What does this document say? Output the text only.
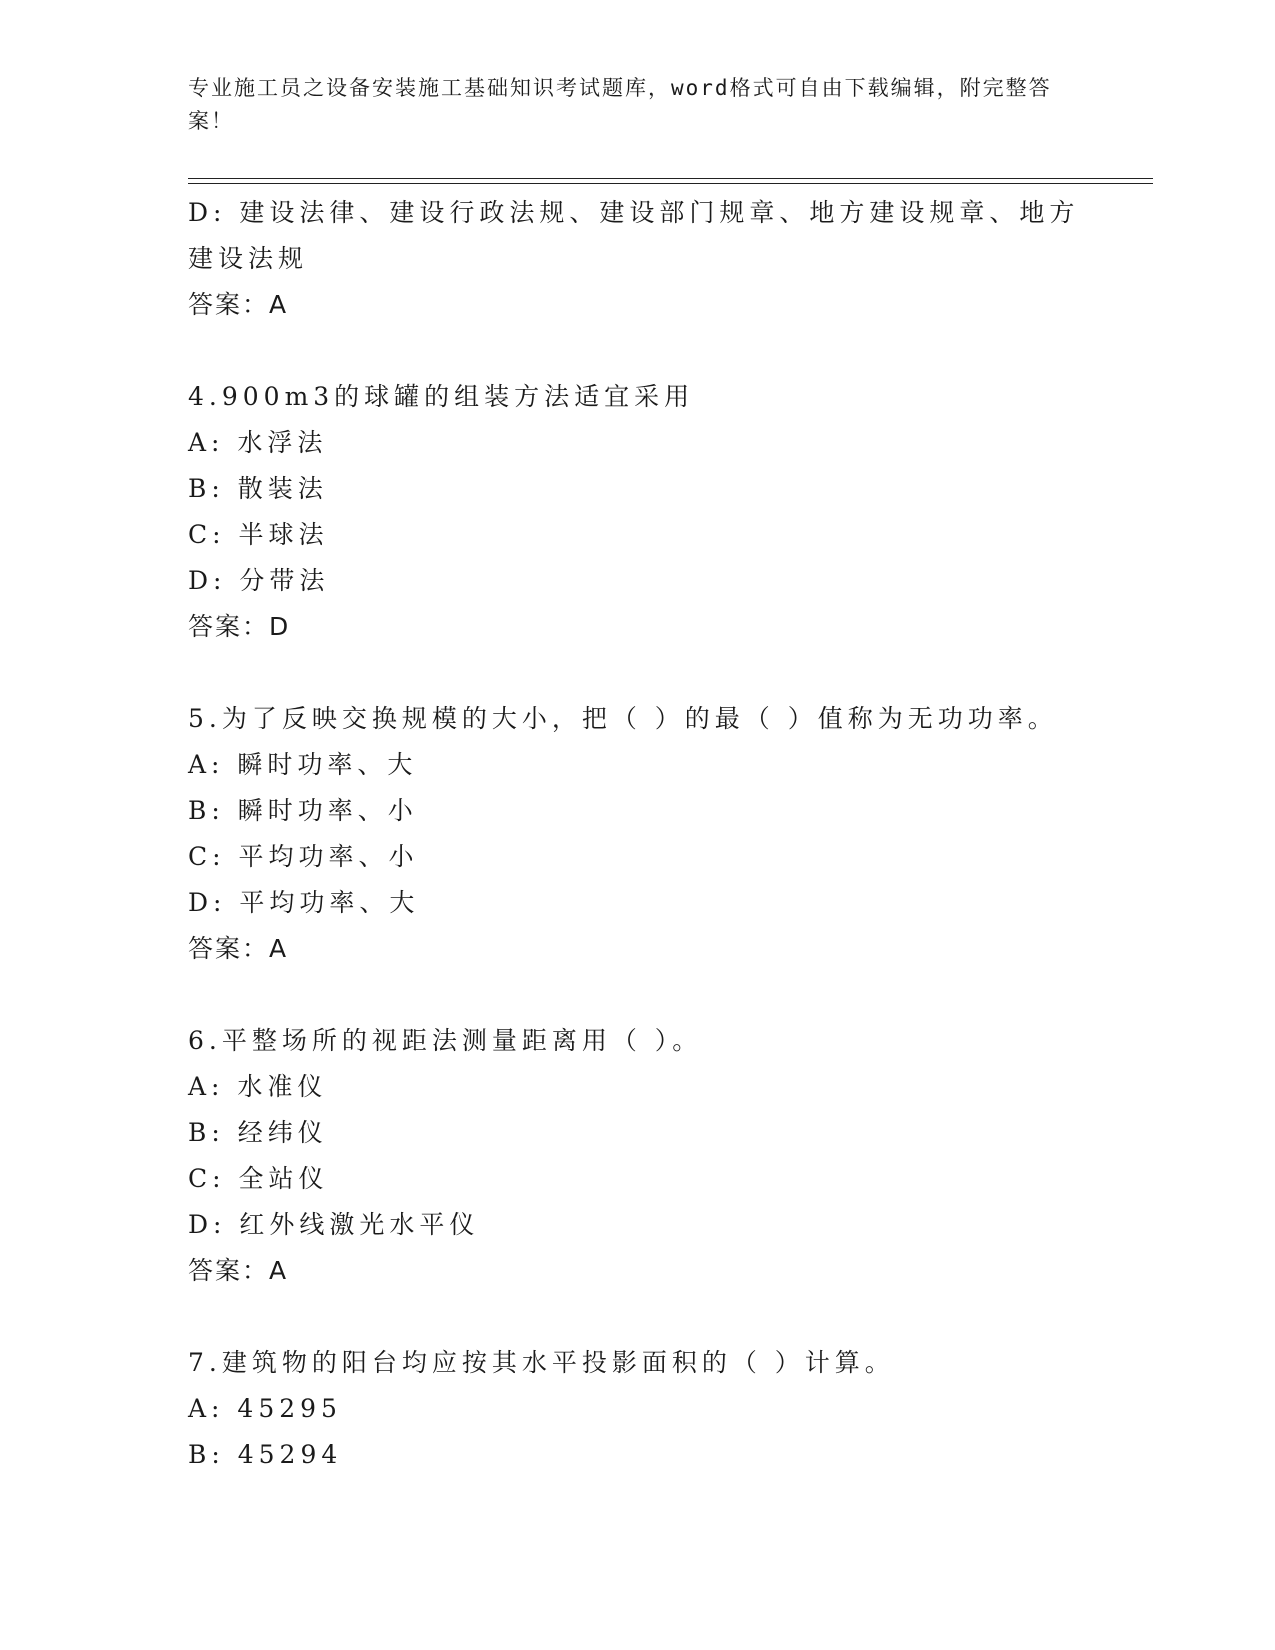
专业施工员之设备安装施工基础知识考试题库，word格式可自由下载编辑，附完整答案！
D: 建设法律、建设行政法规、建设部门规章、地方建设规章、地方建设法规
答案：A
4.900m3的球罐的组装方法适宜采用
A: 水浮法
B: 散装法
C: 半球法
D: 分带法
答案：D
5.为了反映交换规模的大小，把（ ）的最（ ）值称为无功功率。
A: 瞬时功率、大
B: 瞬时功率、小
C: 平均功率、小
D: 平均功率、大
答案：A
6.平整场所的视距法测量距离用（ ）。
A: 水准仪
B: 经纬仪
C: 全站仪
D: 红外线激光水平仪
答案：A
7.建筑物的阳台均应按其水平投影面积的（ ）计算。
A: 45295
B: 45294
